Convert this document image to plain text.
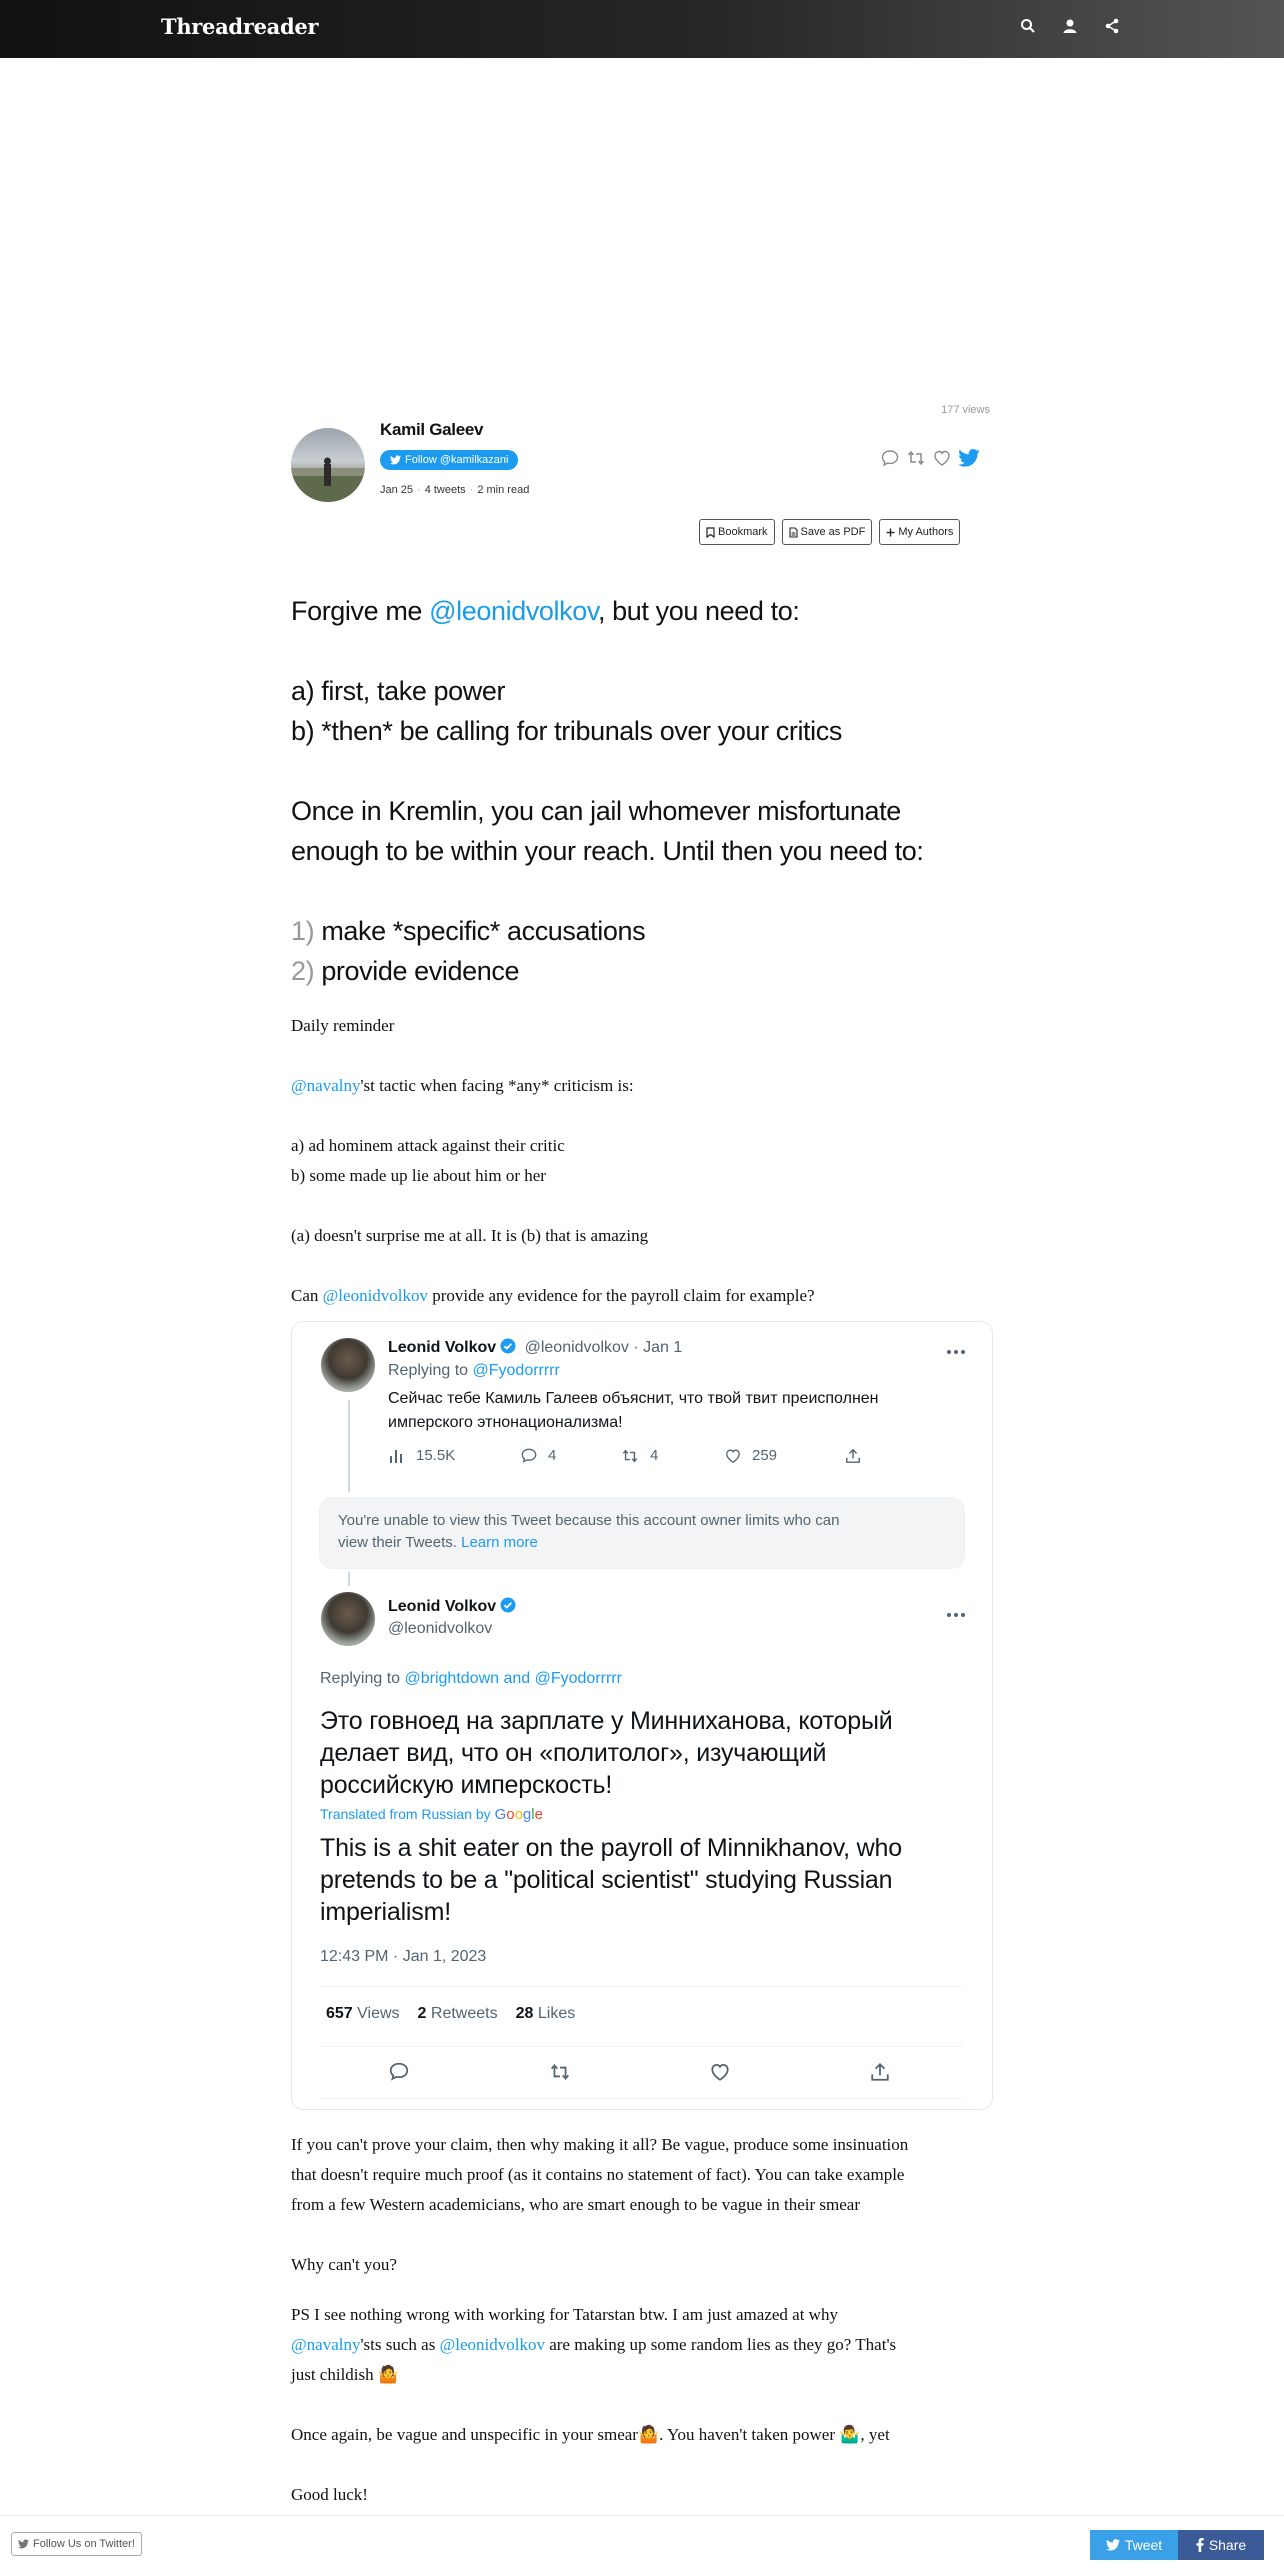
Threadreader
177 views
Kamil Galeev
Follow @kamilkazani
Jan 25 · 4 tweets · 2 min read
Bookmark	Save as PDF	My Authors
Forgive me @leonidvolkov, but you need to:
a) first, take power
b) *then* be calling for tribunals over your critics
Once in Kremlin, you can jail whomever misfortunate
enough to be within your reach. Until then you need to:
1) make *specific* accusations
2) provide evidence
Daily reminder
@navalny'st tactic when facing *any* criticism is:
a) ad hominem attack against their critic
b) some made up lie about him or her
(a) doesn't surprise me at all. It is (b) that is amazing
Can @leonidvolkov provide any evidence for the payroll claim for example?
Leonid Volkov @leonidvolkov · Jan 1
Replying to @Fyodorrrrr
Сейчас тебе Камиль Галеев объяснит, что твой твит преисполнен
имперского этнонационализма!
15.5K	4	4	259
You're unable to view this Tweet because this account owner limits who can
view their Tweets. Learn more
Leonid Volkov
@leonidvolkov
Replying to @brightdown and @Fyodorrrrr
Это говноед на зарплате у Минниханова, который
делает вид, что он «политолог», изучающий
российскую имперскость!
Translated from Russian by Google
This is a shit eater on the payroll of Minnikhanov, who
pretends to be a "political scientist" studying Russian
imperialism!
12:43 PM · Jan 1, 2023
657 Views 2 Retweets 28 Likes
If you can't prove your claim, then why making it all? Be vague, produce some insinuation
that doesn't require much proof (as it contains no statement of fact). You can take example
from a few Western academicians, who are smart enough to be vague in their smear
Why can't you?
PS I see nothing wrong with working for Tatarstan btw. I am just amazed at why
@navalny'sts such as @leonidvolkov are making up some random lies as they go? That's
just childish 🤷
Once again, be vague and unspecific in your smear🤷. You haven't taken power 🤷‍♂️, yet
Good luck!
Follow Us on Twitter!	Tweet	Share
